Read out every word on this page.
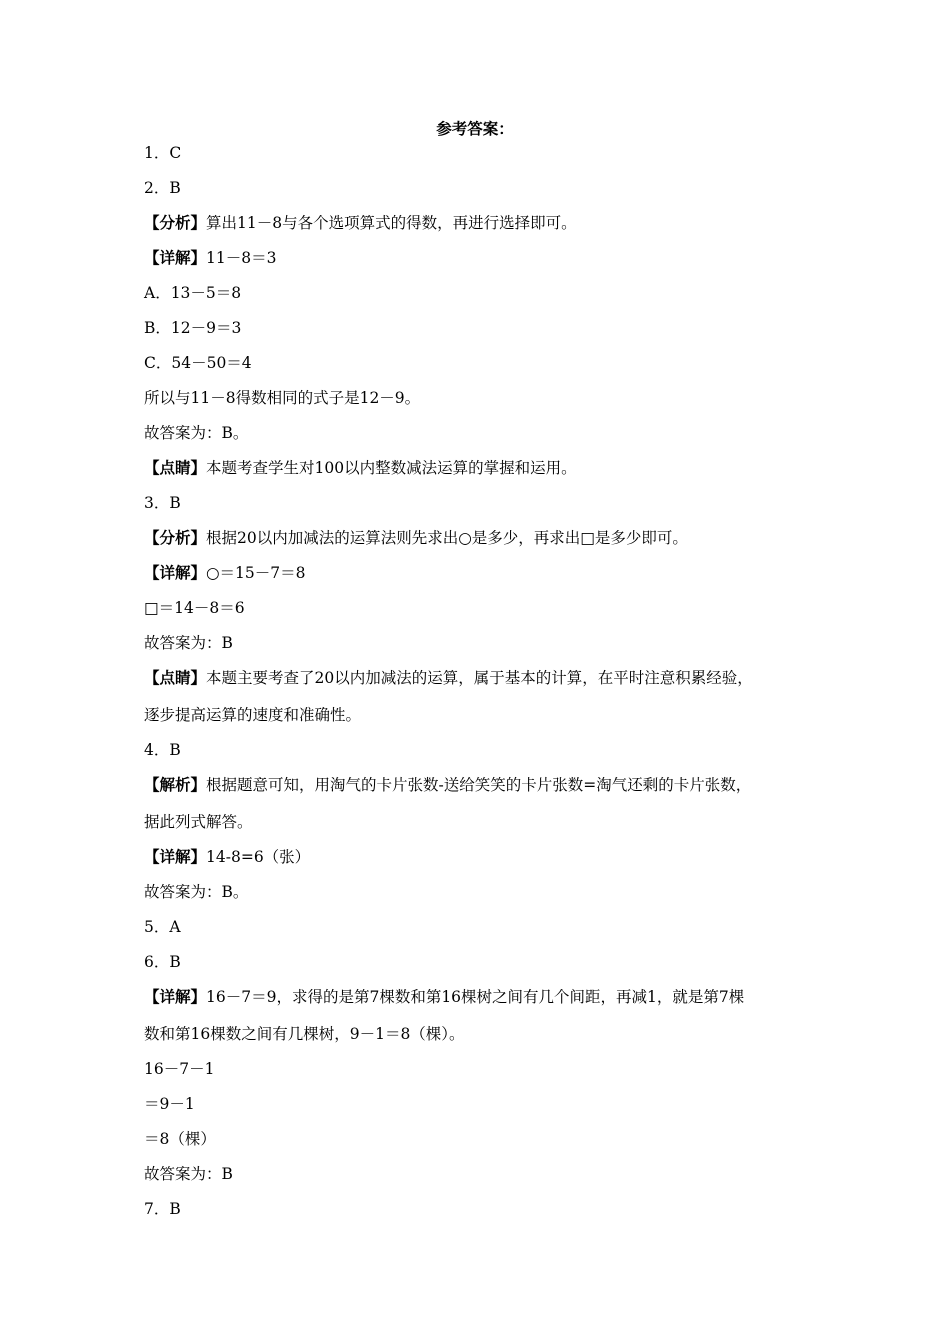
参考答案：
1．C
2．B
【分析】算出11－8与各个选项算式的得数，再进行选择即可。
【详解】11－8＝3
A．13－5＝8
B．12－9＝3
C．54－50＝4
所以与11－8得数相同的式子是12－9。
故答案为：B。
【点睛】本题考查学生对100以内整数减法运算的掌握和运用。
3．B
【分析】根据20以内加减法的运算法则先求出○是多少，再求出□是多少即可。
【详解】○＝15－7＝8
□＝14－8＝6
故答案为：B
【点睛】本题主要考查了20以内加减法的运算，属于基本的计算，在平时注意积累经验，
逐步提高运算的速度和准确性。
4．B
【解析】根据题意可知，用淘气的卡片张数-送给笑笑的卡片张数=淘气还剩的卡片张数，
据此列式解答。
【详解】14-8=6（张）
故答案为：B。
5．A
6．B
【详解】16－7＝9，求得的是第7棵数和第16棵树之间有几个间距，再减1，就是第7棵
数和第16棵数之间有几棵树，9－1＝8（棵）。
16－7－1
＝9－1
＝8（棵）
故答案为：B
7．B
